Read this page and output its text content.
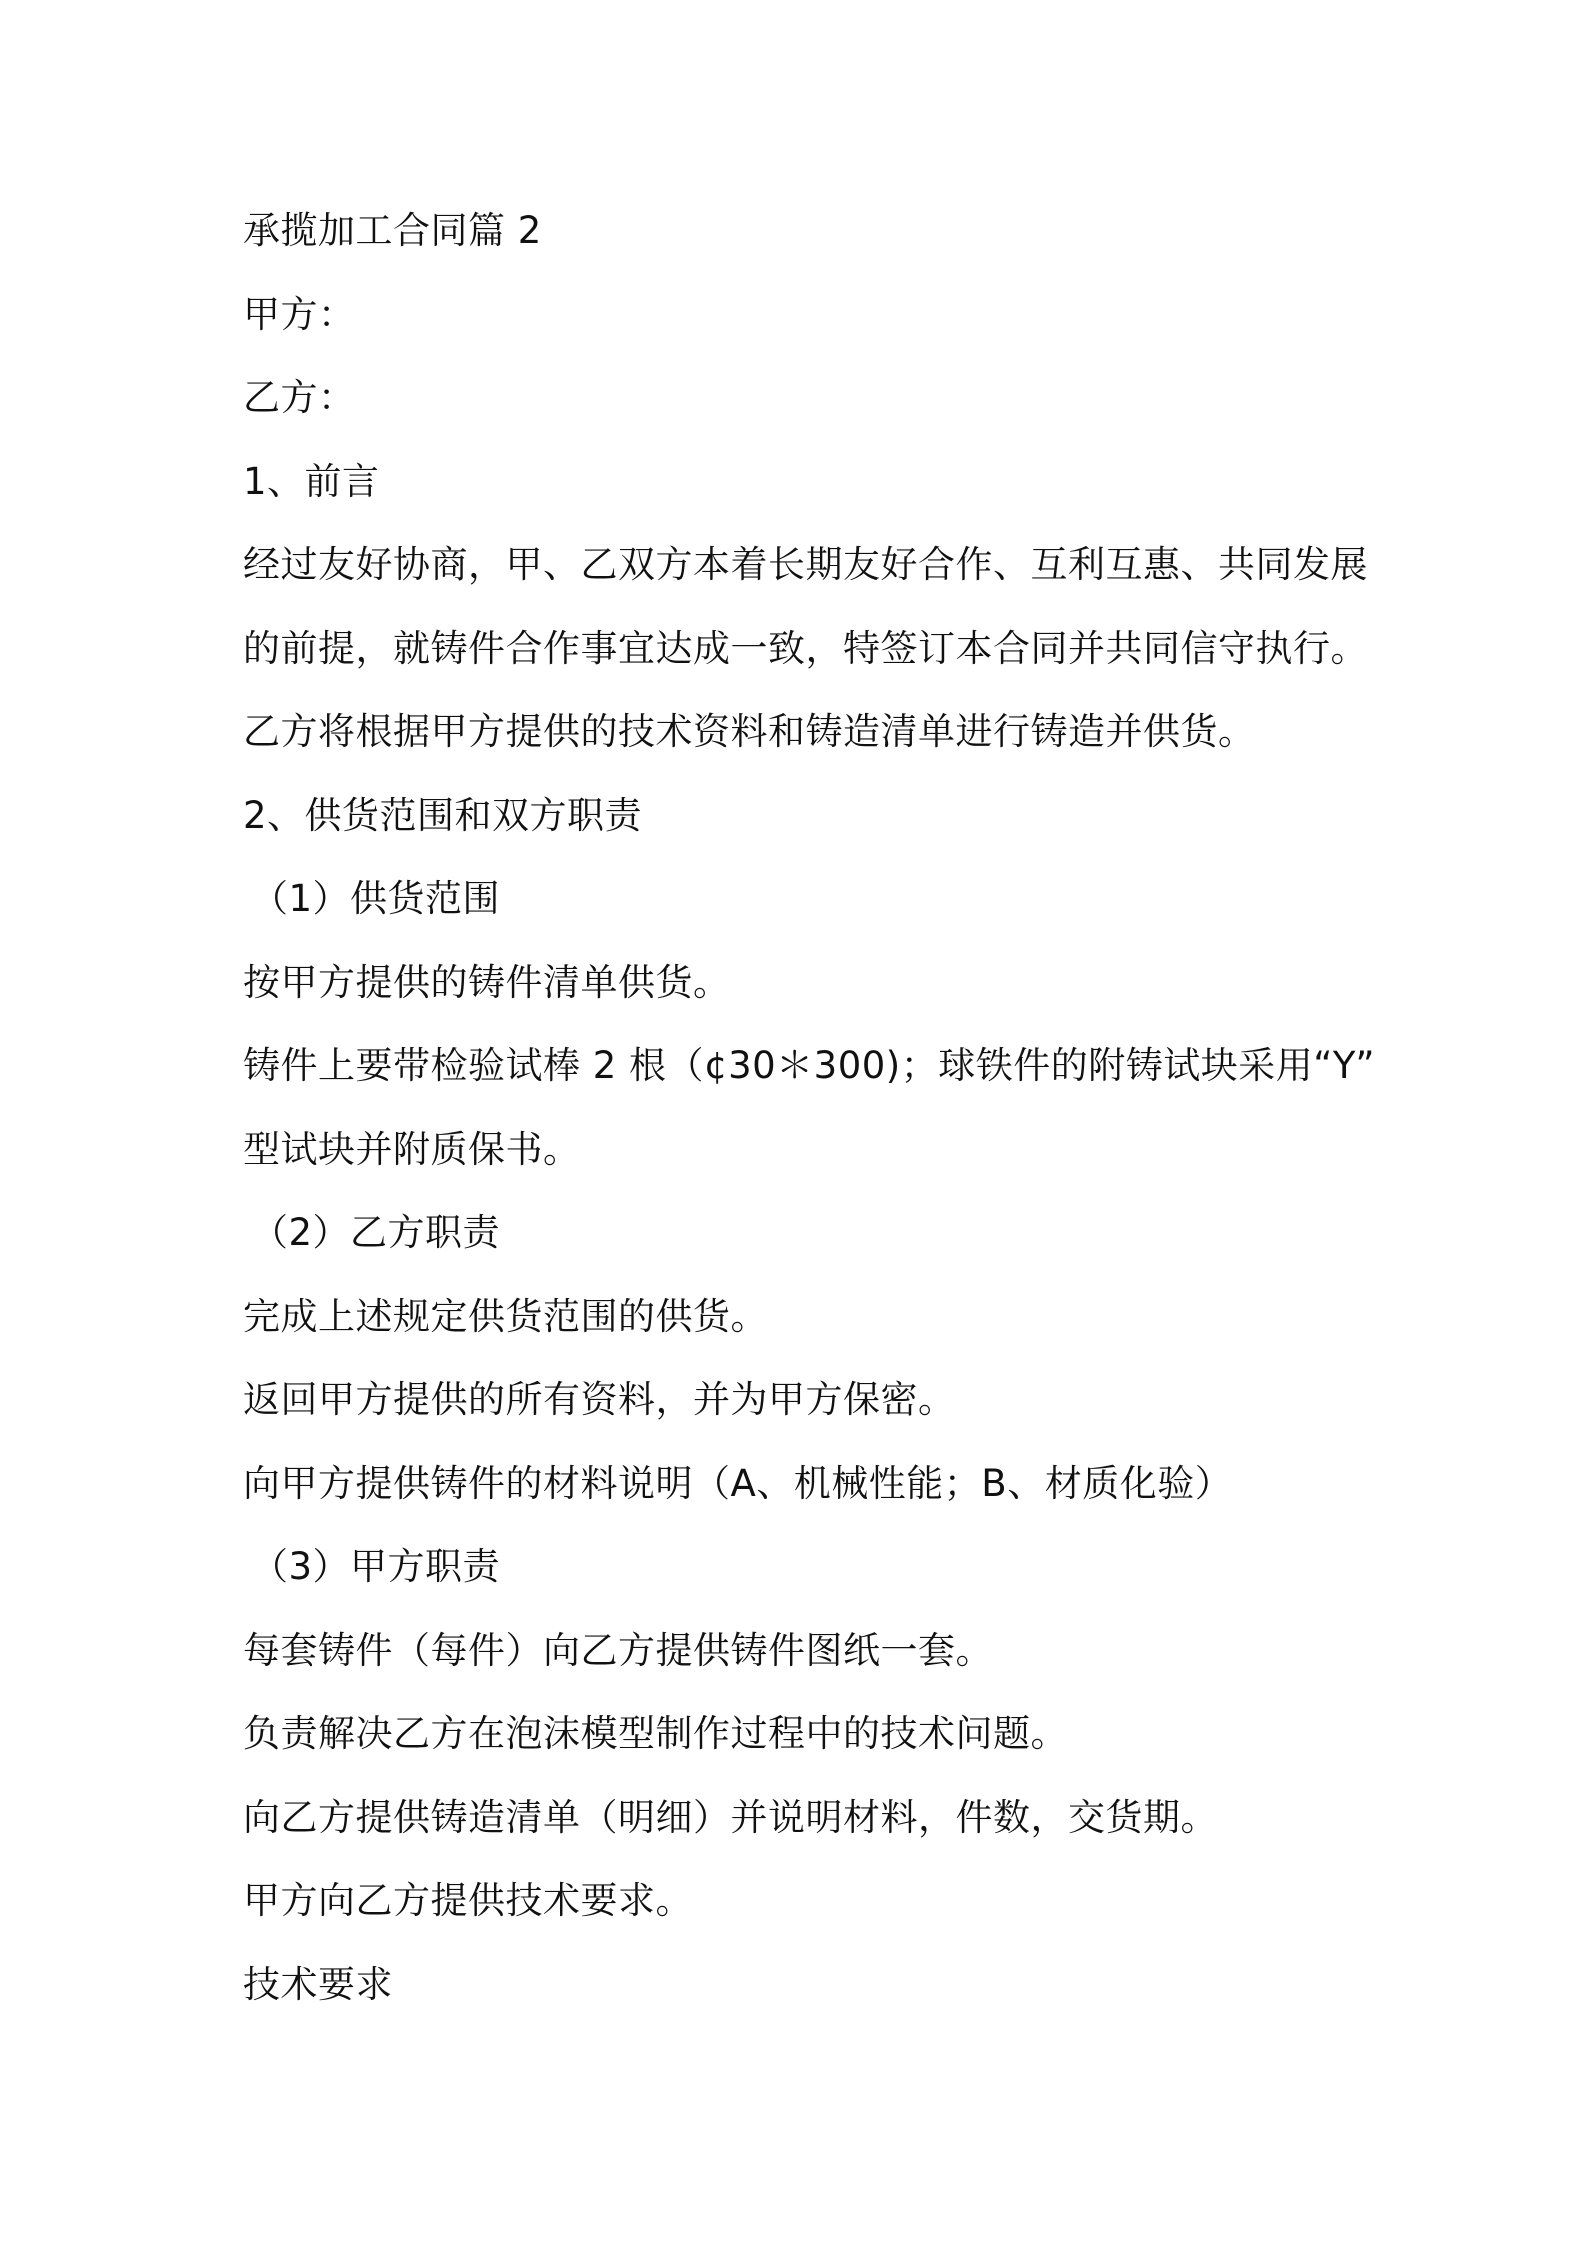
承揽加工合同篇 2
甲方：
乙方：
1、前言
经过友好协商，甲、乙双方本着长期友好合作、互利互惠、共同发展
的前提，就铸件合作事宜达成一致，特签订本合同并共同信守执行。
乙方将根据甲方提供的技术资料和铸造清单进行铸造并供货。
2、供货范围和双方职责
（1）供货范围
按甲方提供的铸件清单供货。
铸件上要带检验试棒 2 根（¢30＊300)；球铁件的附铸试块采用“Y”
型试块并附质保书。
（2）乙方职责
完成上述规定供货范围的供货。
返回甲方提供的所有资料，并为甲方保密。
向甲方提供铸件的材料说明（A、机械性能；B、材质化验）
（3）甲方职责
每套铸件（每件）向乙方提供铸件图纸一套。
负责解决乙方在泡沫模型制作过程中的技术问题。
向乙方提供铸造清单（明细）并说明材料，件数，交货期。
甲方向乙方提供技术要求。
技术要求
